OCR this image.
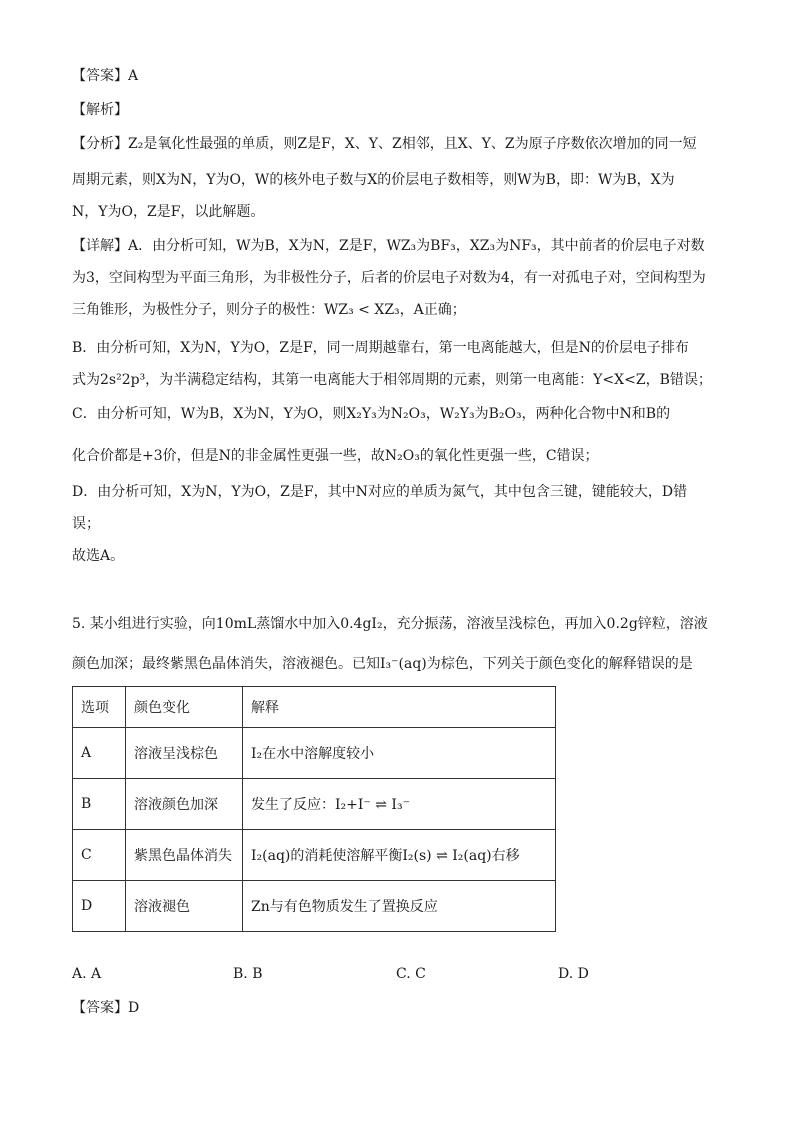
【答案】A
【解析】
【分析】Z₂是氧化性最强的单质，则Z是F，X、Y、Z相邻，且X、Y、Z为原子序数依次增加的同一短
周期元素，则X为N，Y为O，W的核外电子数与X的价层电子数相等，则W为B，即：W为B，X为
N，Y为O，Z是F，以此解题。
【详解】A．由分析可知，W为B，X为N，Z是F，WZ₃为BF₃，XZ₃为NF₃，其中前者的价层电子对数
为3，空间构型为平面三角形，为非极性分子，后者的价层电子对数为4，有一对孤电子对，空间构型为
三角锥形，为极性分子，则分子的极性：WZ₃ < XZ₃，A正确；
B．由分析可知，X为N，Y为O，Z是F，同一周期越靠右，第一电离能越大，但是N的价层电子排布
式为2s²2p³，为半满稳定结构，其第一电离能大于相邻周期的元素，则第一电离能：Y<X<Z，B错误；
C．由分析可知，W为B，X为N，Y为O，则X₂Y₃为N₂O₃，W₂Y₃为B₂O₃，两种化合物中N和B的
化合价都是+3价，但是N的非金属性更强一些，故N₂O₃的氧化性更强一些，C错误；
D．由分析可知，X为N，Y为O，Z是F，其中N对应的单质为氮气，其中包含三键，键能较大，D错
误；
故选A。
5. 某小组进行实验，向10mL蒸馏水中加入0.4gI₂，充分振荡，溶液呈浅棕色，再加入0.2g锌粒，溶液
颜色加深；最终紫黑色晶体消失，溶液褪色。已知I₃⁻(aq)为棕色，下列关于颜色变化的解释错误的是
选项	颜色变化	解释
A	溶液呈浅棕色	I₂在水中溶解度较小
B	溶液颜色加深	发生了反应：I₂+I⁻ ⇌ I₃⁻
C	紫黑色晶体消失	I₂(aq)的消耗使溶解平衡I₂(s) ⇌ I₂(aq)右移
D	溶液褪色	Zn与有色物质发生了置换反应
A. A	B. B	C. C	D. D
【答案】D
